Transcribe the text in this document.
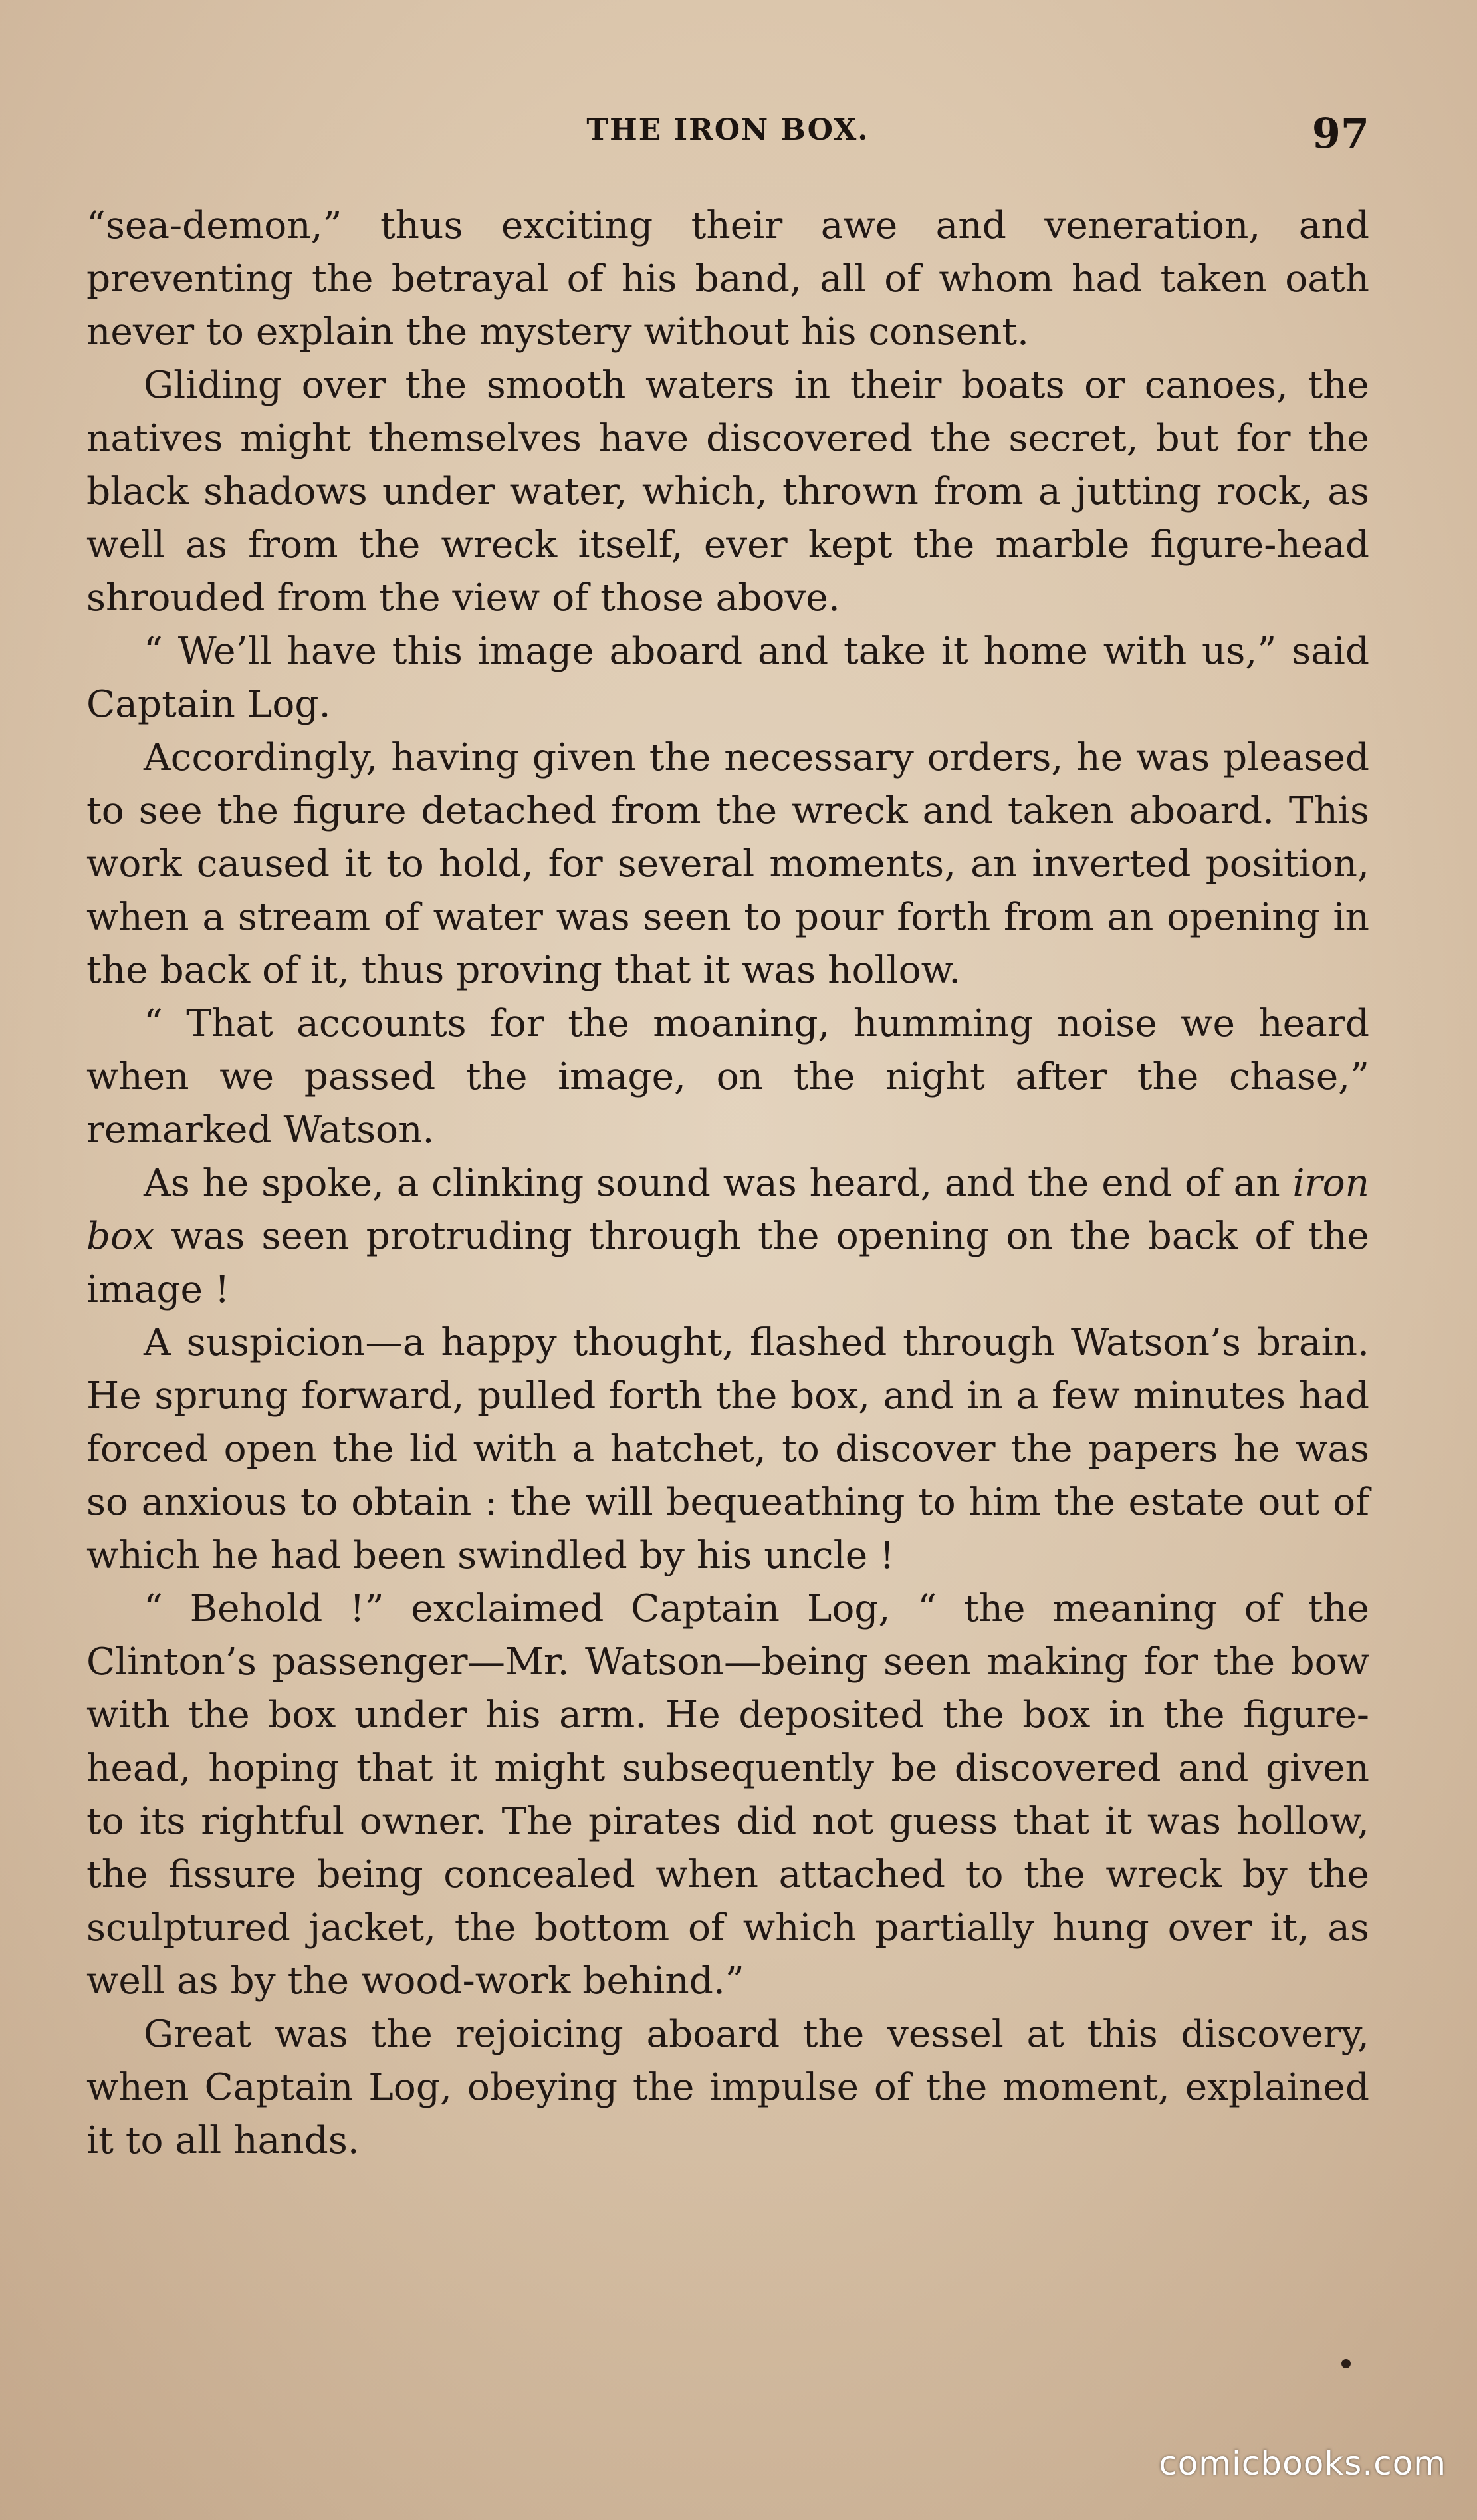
THE IRON BOX.	97

“sea-demon,” thus exciting their awe and veneration, and preventing the betrayal of his band, all of whom had taken oath never to explain the mystery without his consent.

Gliding over the smooth waters in their boats or canoes, the natives might themselves have discovered the secret, but for the black shadows under water, which, thrown from a jutting rock, as well as from the wreck itself, ever kept the marble figure-head shrouded from the view of those above.

“ We’ll have this image aboard and take it home with us,” said Captain Log.

Accordingly, having given the necessary orders, he was pleased to see the figure detached from the wreck and taken aboard. This work caused it to hold, for several moments, an inverted position, when a stream of water was seen to pour forth from an opening in the back of it, thus proving that it was hollow.

“ That accounts for the moaning, humming noise we heard when we passed the image, on the night after the chase,” remarked Watson.

As he spoke, a clinking sound was heard, and the end of an iron box was seen protruding through the opening on the back of the image !

A suspicion—a happy thought, flashed through Watson’s brain. He sprung forward, pulled forth the box, and in a few minutes had forced open the lid with a hatchet, to discover the papers he was so anxious to obtain : the will bequeathing to him the estate out of which he had been swindled by his uncle !

“ Behold !” exclaimed Captain Log, “ the meaning of the Clinton’s passenger—Mr. Watson—being seen making for the bow with the box under his arm. He deposited the box in the figure-head, hoping that it might subsequently be discovered and given to its rightful owner. The pirates did not guess that it was hollow, the fissure being concealed when attached to the wreck by the sculptured jacket, the bottom of which partially hung over it, as well as by the wood-work behind.”

Great was the rejoicing aboard the vessel at this discovery, when Captain Log, obeying the impulse of the moment, explained it to all hands.

comicbooks.com
